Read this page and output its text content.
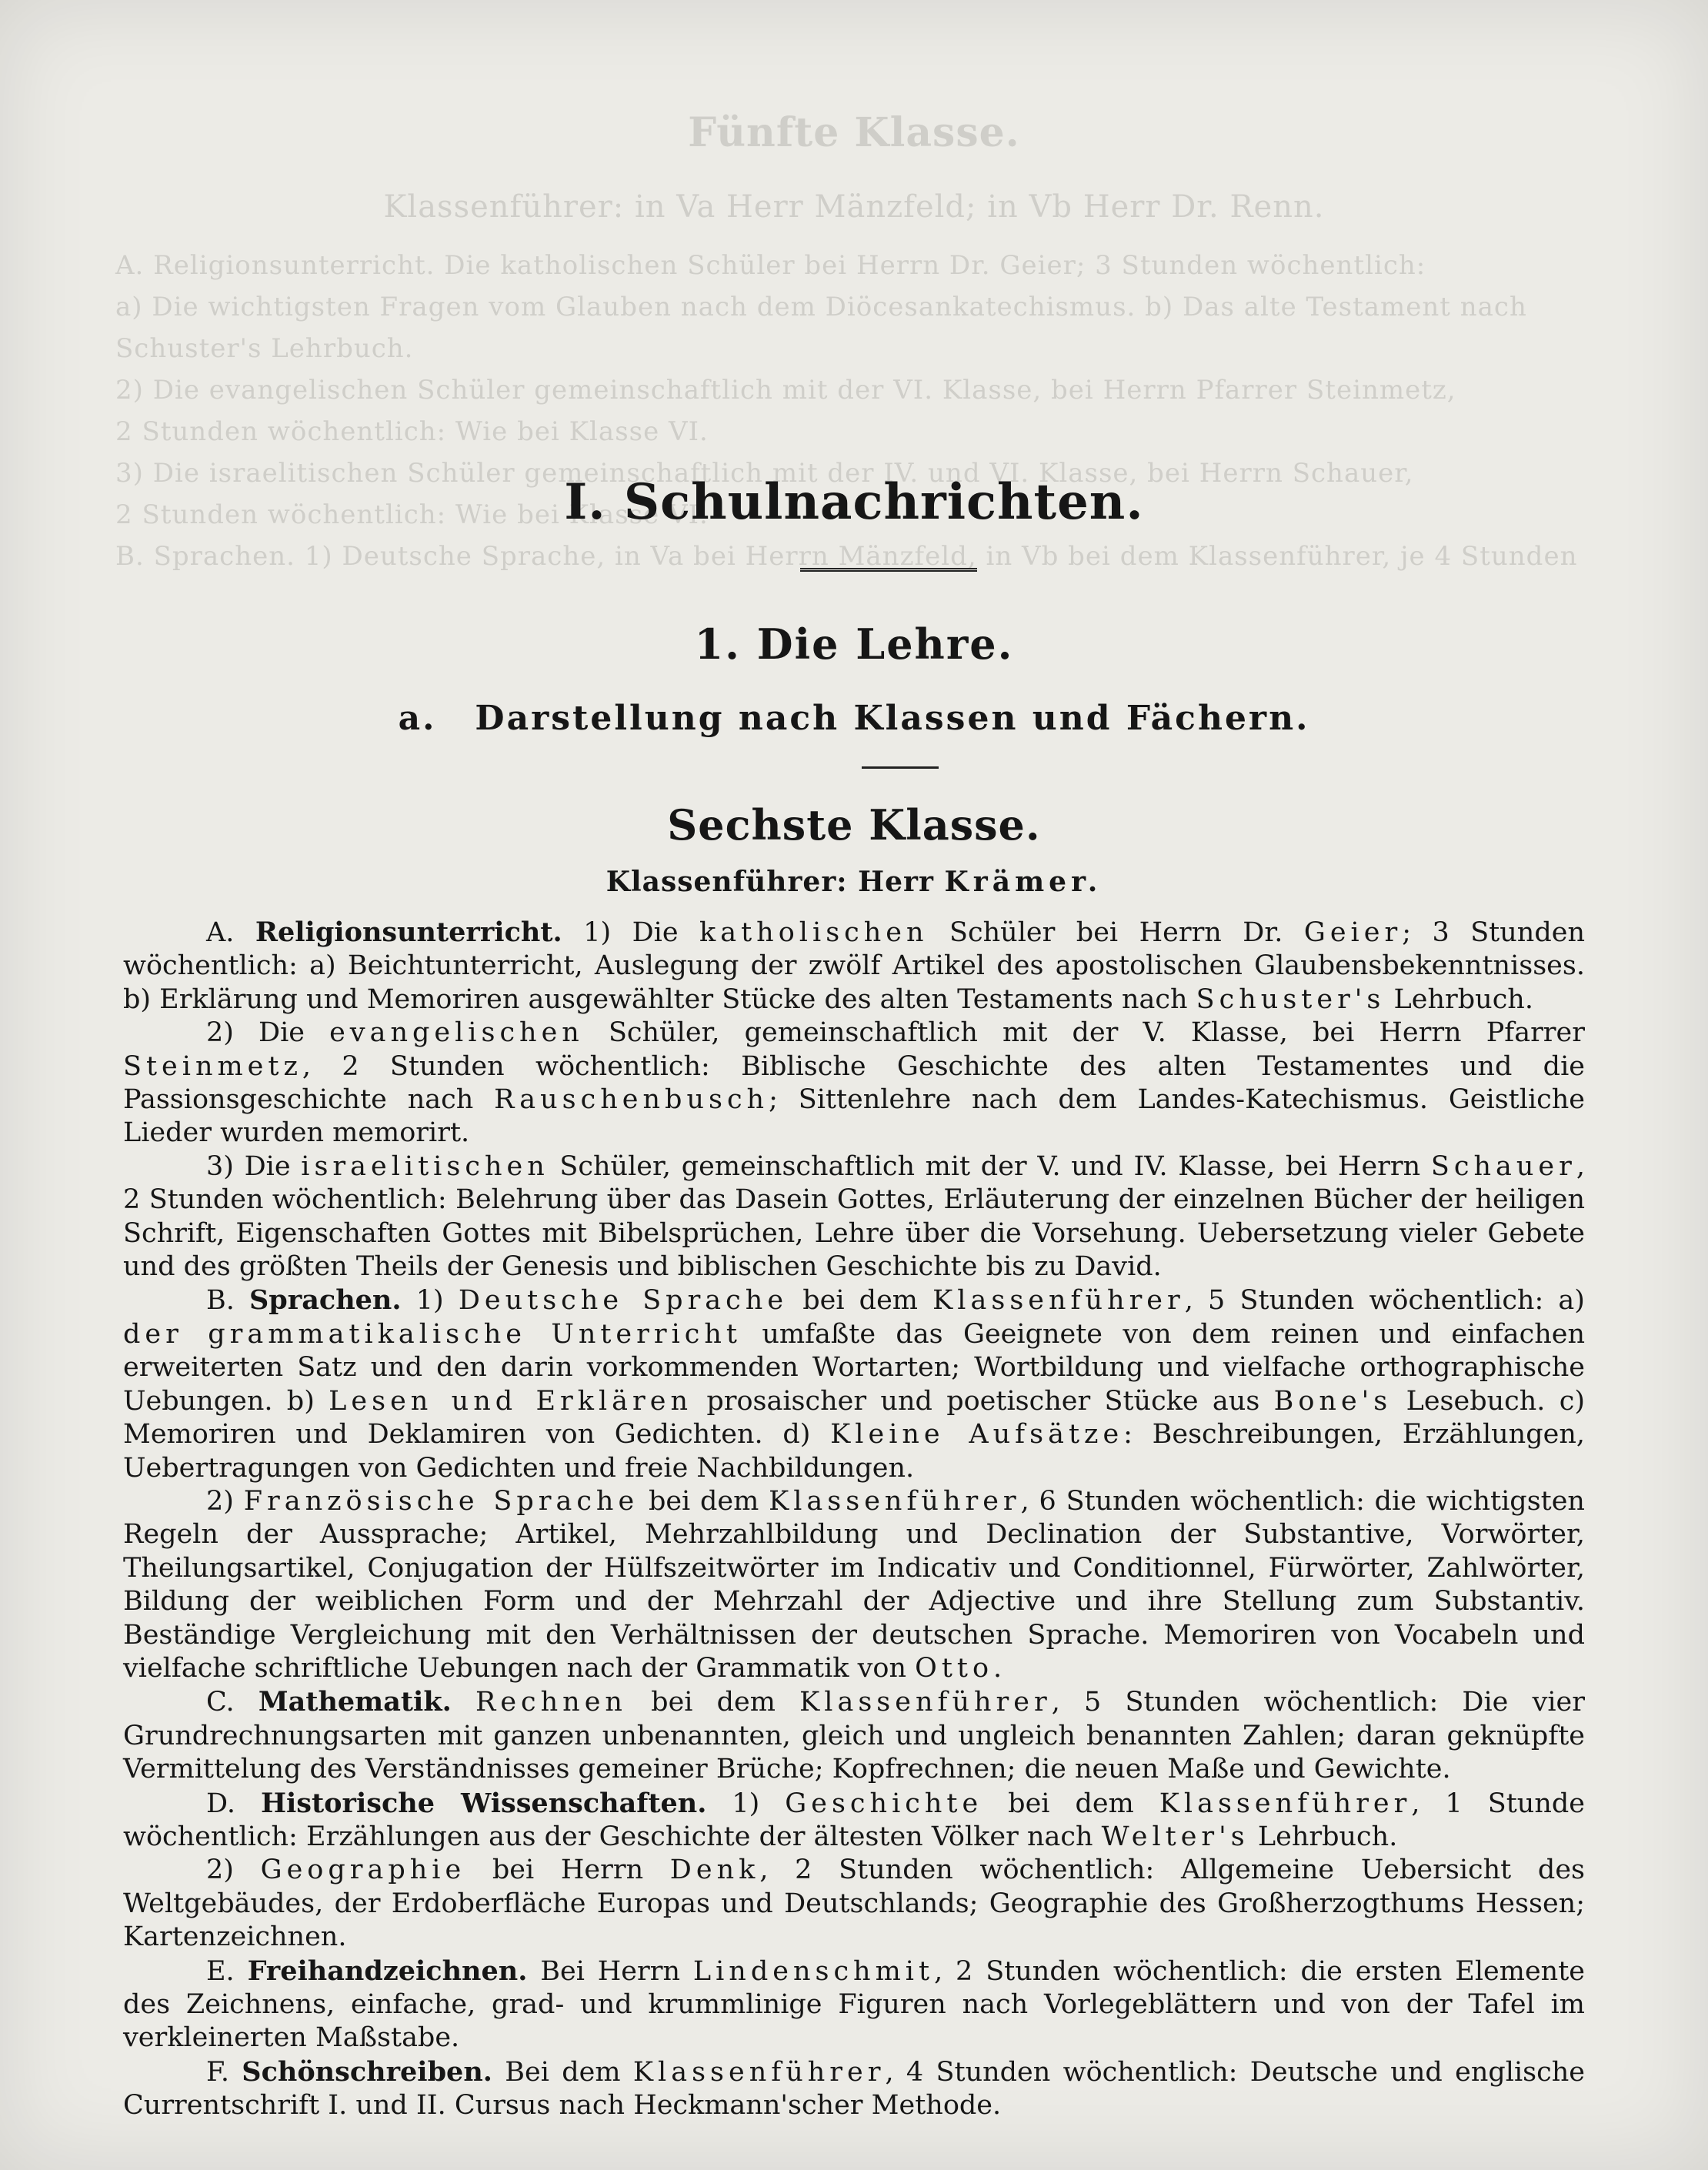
Fünfte Klasse.
Klassenführer: in Va Herr Mänzfeld; in Vb Herr Dr. Renn.

A. Religionsunterricht. Die katholischen Schüler bei Herrn Dr. Geier; 3 Stunden wöchentlich:

a) Die wichtigsten Fragen vom Glauben nach dem Diöcesankatechismus. b) Das alte Testament nach

Schuster's Lehrbuch.

2) Die evangelischen Schüler gemeinschaftlich mit der VI. Klasse, bei Herrn Pfarrer Steinmetz,

2 Stunden wöchentlich: Wie bei Klasse VI.

3) Die israelitischen Schüler gemeinschaftlich mit der IV. und VI. Klasse, bei Herrn Schauer,

2 Stunden wöchentlich: Wie bei Klasse VI.

B. Sprachen. 1) Deutsche Sprache, in Va bei Herrn Mänzfeld, in Vb bei dem Klassenführer, je 4 Stunden

I. Schulnachrichten.
1. Die Lehre.
a. Darstellung nach Klassen und Fächern.
Sechste Klasse.
Klassenführer: Herr Krämer.

A. Religionsunterricht. 1) Die katholischen Schüler bei Herrn Dr. Geier; 3 Stunden wöchentlich: a) Beichtunterricht, Auslegung der zwölf Artikel des apostolischen Glaubensbekenntnisses. b) Erklärung und Memoriren ausgewählter Stücke des alten Testaments nach Schuster's Lehrbuch.

2) Die evangelischen Schüler, gemeinschaftlich mit der V. Klasse, bei Herrn Pfarrer Steinmetz, 2 Stunden wöchentlich: Biblische Geschichte des alten Testamentes und die Passionsgeschichte nach Rauschenbusch; Sittenlehre nach dem Landes-Katechismus. Geistliche Lieder wurden memorirt.

3) Die israelitischen Schüler, gemeinschaftlich mit der V. und IV. Klasse, bei Herrn Schauer, 2 Stunden wöchentlich: Belehrung über das Dasein Gottes, Erläuterung der einzelnen Bücher der heiligen Schrift, Eigenschaften Gottes mit Bibelsprüchen, Lehre über die Vorsehung. Uebersetzung vieler Gebete und des größten Theils der Genesis und biblischen Geschichte bis zu David.

B. Sprachen. 1) Deutsche Sprache bei dem Klassenführer, 5 Stunden wöchentlich: a) der grammatikalische Unterricht umfaßte das Geeignete von dem reinen und einfachen erweiterten Satz und den darin vorkommenden Wortarten; Wortbildung und vielfache orthographische Uebungen. b) Lesen und Erklären prosaischer und poetischer Stücke aus Bone's Lesebuch. c) Memoriren und Deklamiren von Gedichten. d) Kleine Aufsätze: Beschreibungen, Erzählungen, Uebertragungen von Gedichten und freie Nachbildungen.

2) Französische Sprache bei dem Klassenführer, 6 Stunden wöchentlich: die wichtigsten Regeln der Aussprache; Artikel, Mehrzahlbildung und Declination der Substantive, Vorwörter, Theilungsartikel, Conjugation der Hülfszeitwörter im Indicativ und Conditionnel, Fürwörter, Zahlwörter, Bildung der weiblichen Form und der Mehrzahl der Adjective und ihre Stellung zum Substantiv. Beständige Vergleichung mit den Verhältnissen der deutschen Sprache. Memoriren von Vocabeln und vielfache schriftliche Uebungen nach der Grammatik von Otto.

C. Mathematik. Rechnen bei dem Klassenführer, 5 Stunden wöchentlich: Die vier Grundrechnungsarten mit ganzen unbenannten, gleich und ungleich benannten Zahlen; daran geknüpfte Vermittelung des Verständnisses gemeiner Brüche; Kopfrechnen; die neuen Maße und Gewichte.

D. Historische Wissenschaften. 1) Geschichte bei dem Klassenführer, 1 Stunde wöchentlich: Erzählungen aus der Geschichte der ältesten Völker nach Welter's Lehrbuch.

2) Geographie bei Herrn Denk, 2 Stunden wöchentlich: Allgemeine Uebersicht des Weltgebäudes, der Erdoberfläche Europas und Deutschlands; Geographie des Großherzogthums Hessen; Kartenzeichnen.

E. Freihandzeichnen. Bei Herrn Lindenschmit, 2 Stunden wöchentlich: die ersten Elemente des Zeichnens, einfache, grad- und krummlinige Figuren nach Vorlegeblättern und von der Tafel im verkleinerten Maßstabe.

F. Schönschreiben. Bei dem Klassenführer, 4 Stunden wöchentlich: Deutsche und englische Currentschrift I. und II. Cursus nach Heckmann'scher Methode.
